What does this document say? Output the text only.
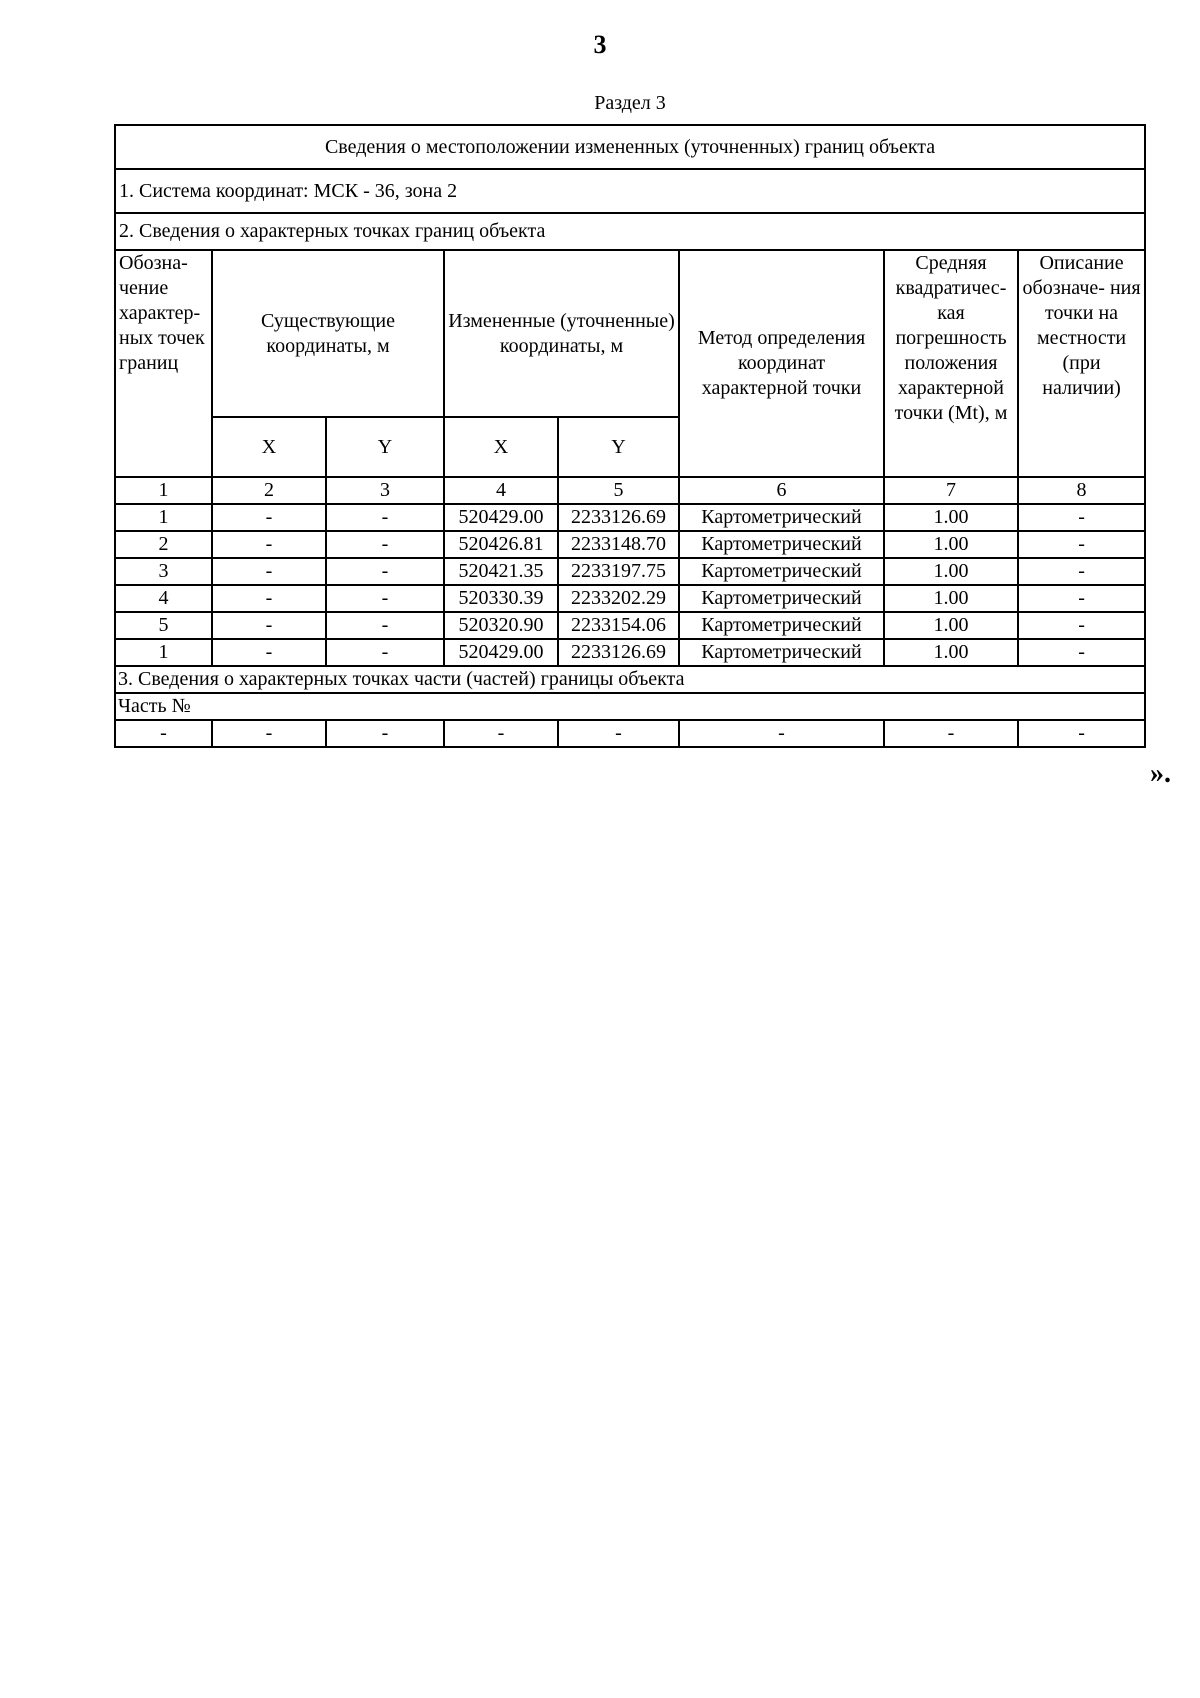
3
Раздел 3
Сведения о местоположении измененных (уточненных) границ объекта							
1. Система координат: МСК - 36, зона 2							
2. Сведения о характерных точках границ объекта							
Обозна- чение характер- ных точек границ	Существующие координаты, м		Измененные (уточненные) координаты, м		Метод определения координат характерной точки	Средняя квадратичес- кая погрешность положения характерной точки (Mt), м	Описание обозначе- ния точки на местности (при наличии)
	X	Y	X	Y			
1	2	3	4	5	6	7	8
1	-	-	520429.00	2233126.69	Картометрический	1.00	-
2	-	-	520426.81	2233148.70	Картометрический	1.00	-
3	-	-	520421.35	2233197.75	Картометрический	1.00	-
4	-	-	520330.39	2233202.29	Картометрический	1.00	-
5	-	-	520320.90	2233154.06	Картометрический	1.00	-
1	-	-	520429.00	2233126.69	Картометрический	1.00	-
3. Сведения о характерных точках части (частей) границы объекта							
Часть №							
-	-	-	-	-	-	-	-
».
